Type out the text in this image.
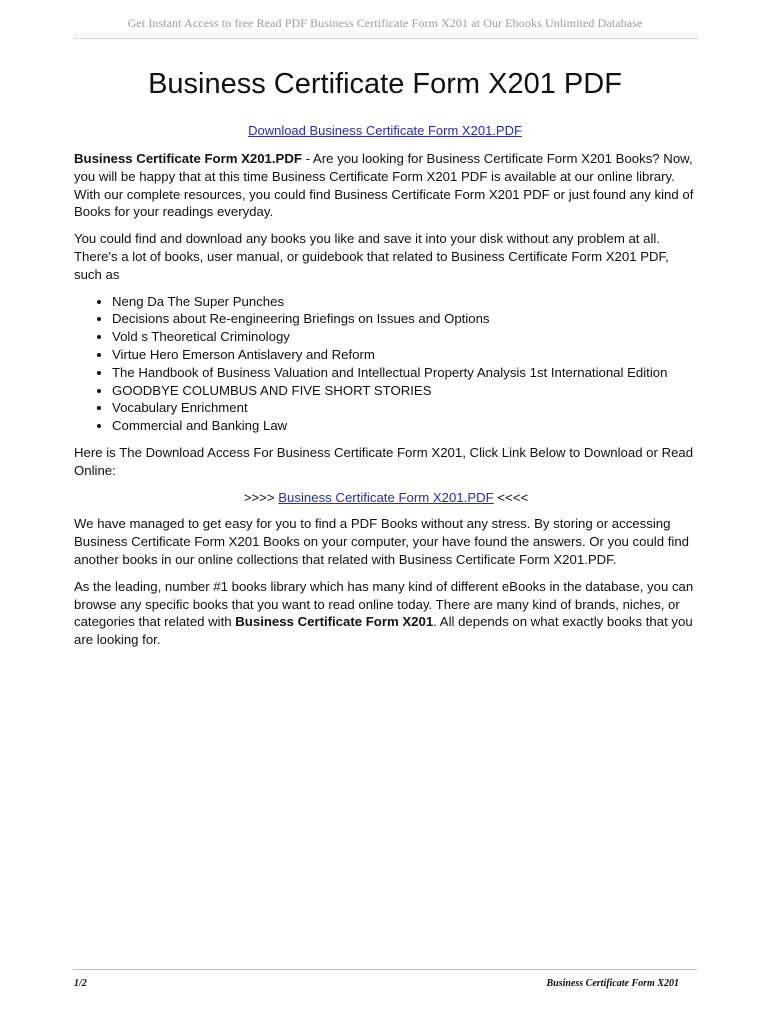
Get Instant Access to free Read PDF Business Certificate Form X201 at Our Ebooks Unlimited Database
Business Certificate Form X201 PDF
Download Business Certificate Form X201.PDF

Business Certificate Form X201.PDF - Are you looking for Business Certificate Form X201 Books? Now, you will be happy that at this time Business Certificate Form X201 PDF is available at our online library. With our complete resources, you could find Business Certificate Form X201 PDF or just found any kind of Books for your readings everyday.

You could find and download any books you like and save it into your disk without any problem at all. There's a lot of books, user manual, or guidebook that related to Business Certificate Form X201 PDF, such as

• Neng Da The Super Punches
• Decisions about Re-engineering Briefings on Issues and Options
• Vold s Theoretical Criminology
• Virtue Hero Emerson Antislavery and Reform
• The Handbook of Business Valuation and Intellectual Property Analysis 1st International Edition
• GOODBYE COLUMBUS AND FIVE SHORT STORIES
• Vocabulary Enrichment
• Commercial and Banking Law

Here is The Download Access For Business Certificate Form X201, Click Link Below to Download or Read Online:

>>>> Business Certificate Form X201.PDF <<<<

We have managed to get easy for you to find a PDF Books without any stress. By storing or accessing Business Certificate Form X201 Books on your computer, your have found the answers. Or you could find another books in our online collections that related with Business Certificate Form X201.PDF.

As the leading, number #1 books library which has many kind of different eBooks in the database, you can browse any specific books that you want to read online today. There are many kind of brands, niches, or categories that related with Business Certificate Form X201. All depends on what exactly books that you are looking for.

1/2	Business Certificate Form X201
